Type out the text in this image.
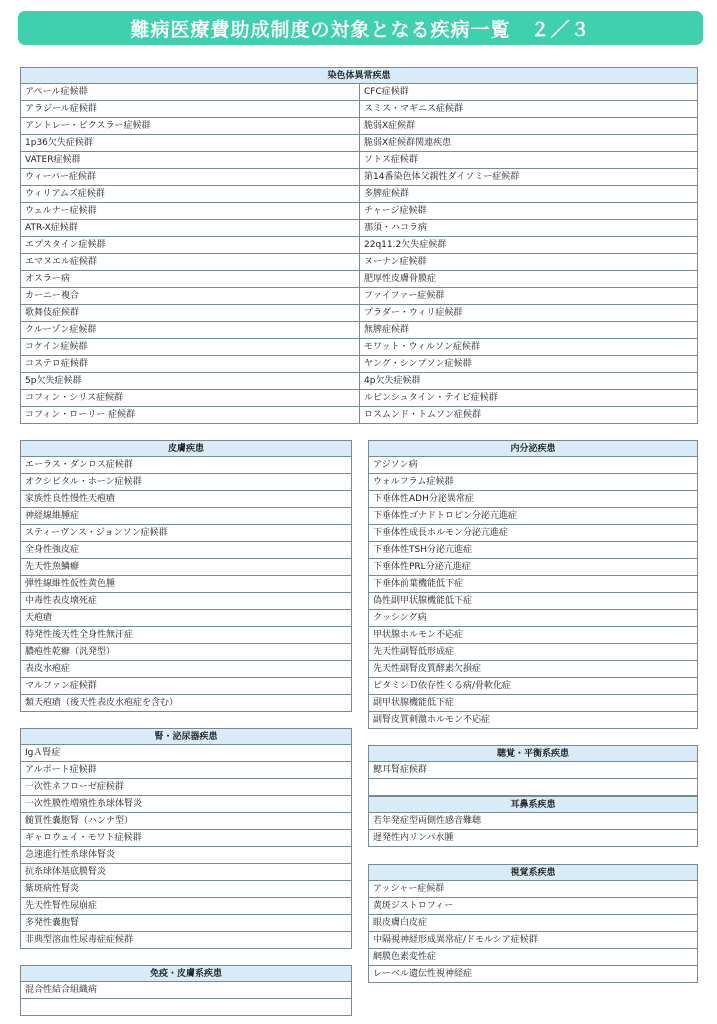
難病医療費助成制度の対象となる疾病一覧　２／３
染色体異常疾患
アペール症候群
アラジール症候群
アントレー・ビクスラー症候群
1p36欠失症候群
VATER症候群
ウィーバー症候群
ウィリアムズ症候群
ウェルナー症候群
ATR-X症候群
エプスタイン症候群
エマヌエル症候群
オスラー病
カーニー複合
歌舞伎症候群
クルーゾン症候群
コケイン症候群
コステロ症候群
5p欠失症候群
コフィン・シリス症候群
コフィン・ローリー 症候群
CFC症候群
スミス・マギニス症候群
脆弱X症候群
脆弱X症候群関連疾患
ソトス症候群
第14番染色体父親性ダイソミー症候群
多脾症候群
チャージ症候群
那須・ハコラ病
22q11.2欠失症候群
ヌーナン症候群
肥厚性皮膚骨膜症
ファイファー症候群
プラダー・ウィリ症候群
無脾症候群
モワット・ウィルソン症候群
ヤング・シンプソン症候群
4p欠失症候群
ルビンシュタイン・テイビ症候群
ロスムンド・トムソン症候群
皮膚疾患
エーラス・ダンロス症候群
オクシピタル・ホーン症候群
家族性良性慢性天疱瘡
神経線維腫症
スティーヴンス・ジョンソン症候群
全身性強皮症
先天性魚鱗癬
弾性線維性仮性黄色腫
中毒性表皮壊死症
天疱瘡
特発性後天性全身性無汗症
膿疱性乾癬（汎発型）
表皮水疱症
マルファン症候群
類天疱瘡（後天性表皮水疱症を含む）
内分泌疾患
アジソン病
ウォルフラム症候群
下垂体性ADH分泌異常症
下垂体性ゴナドトロピン分泌亢進症
下垂体性成長ホルモン分泌亢進症
下垂体性TSH分泌亢進症
下垂体性PRL分泌亢進症
下垂体前葉機能低下症
偽性副甲状腺機能低下症
クッシング病
甲状腺ホルモン不応症
先天性副腎低形成症
先天性副腎皮質酵素欠損症
ビタミンＤ依存性くる病/骨軟化症
副甲状腺機能低下症
副腎皮質刺激ホルモン不応症
腎・泌尿器疾患
IgＡ腎症
アルポート症候群
一次性ネフローゼ症候群
一次性膜性増殖性糸球体腎炎
髄質性嚢胞腎（ハンナ型）
ギャロウェイ・モワト症候群
急速進行性糸球体腎炎
抗糸球体基底膜腎炎
紫斑病性腎炎
先天性腎性尿崩症
多発性嚢胞腎
非典型溶血性尿毒症症候群
聴覚・平衡系疾患
鰓耳腎症候群
耳鼻系疾患
若年発症型両側性感音難聴
遅発性内リンパ水腫
視覚系疾患
アッシャー症候群
黄斑ジストロフィー
眼皮膚白皮症
中隔視神経形成異常症/ドモルシア症候群
網膜色素変性症
レーベル遺伝性視神経症
免疫・皮膚系疾患
混合性結合組織病
